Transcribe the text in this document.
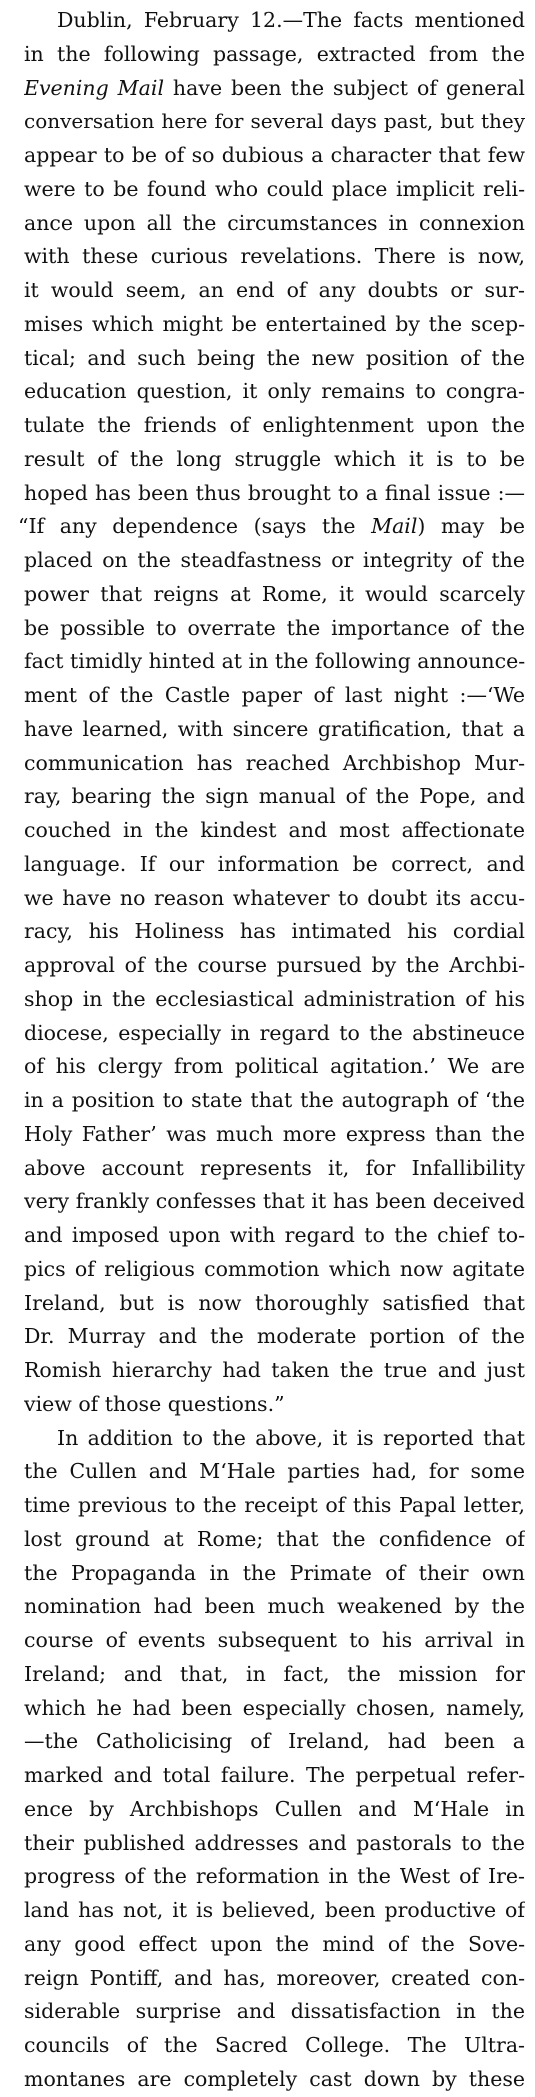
Dublin, February 12.—The facts mentioned
in the following passage, extracted from the
Evening Mail have been the subject of general
conversation here for several days past, but they
appear to be of so dubious a character that few
were to be found who could place implicit reli-
ance upon all the circumstances in connexion
with these curious revelations. There is now,
it would seem, an end of any doubts or sur-
mises which might be entertained by the scep-
tical; and such being the new position of the
education question, it only remains to congra-
tulate the friends of enlightenment upon the
result of the long struggle which it is to be
hoped has been thus brought to a final issue :—
“If any dependence (says the Mail) may be
placed on the steadfastness or integrity of the
power that reigns at Rome, it would scarcely
be possible to overrate the importance of the
fact timidly hinted at in the following announce-
ment of the Castle paper of last night :—‘We
have learned, with sincere gratification, that a
communication has reached Archbishop Mur-
ray, bearing the sign manual of the Pope, and
couched in the kindest and most affectionate
language. If our information be correct, and
we have no reason whatever to doubt its accu-
racy, his Holiness has intimated his cordial
approval of the course pursued by the Archbi-
shop in the ecclesiastical administration of his
diocese, especially in regard to the abstineuce
of his clergy from political agitation.’ We are
in a position to state that the autograph of ‘the
Holy Father’ was much more express than the
above account represents it, for Infallibility
very frankly confesses that it has been deceived
and imposed upon with regard to the chief to-
pics of religious commotion which now agitate
Ireland, but is now thoroughly satisfied that
Dr. Murray and the moderate portion of the
Romish hierarchy had taken the true and just
view of those questions.”
In addition to the above, it is reported that
the Cullen and M‘Hale parties had, for some
time previous to the receipt of this Papal letter,
lost ground at Rome; that the confidence of
the Propaganda in the Primate of their own
nomination had been much weakened by the
course of events subsequent to his arrival in
Ireland; and that, in fact, the mission for
which he had been especially chosen, namely,
—the Catholicising of Ireland, had been a
marked and total failure. The perpetual refer-
ence by Archbishops Cullen and M‘Hale in
their published addresses and pastorals to the
progress of the reformation in the West of Ire-
land has not, it is believed, been productive of
any good effect upon the mind of the Sove-
reign Pontiff, and has, moreover, created con-
siderable surprise and dissatisfaction in the
councils of the Sacred College. The Ultra-
montanes are completely cast down by these
